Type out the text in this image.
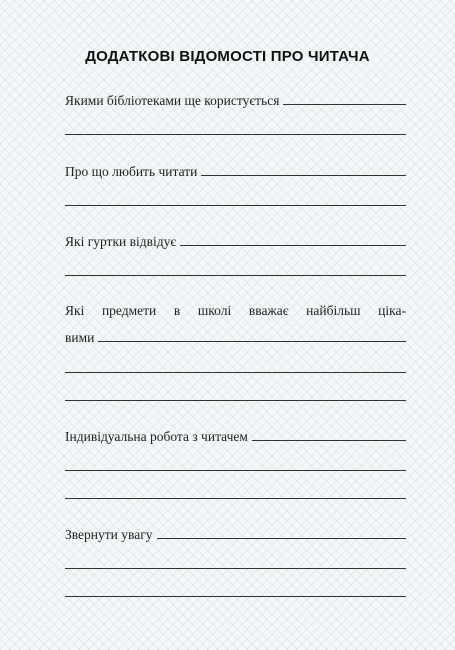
ДОДАТКОВІ ВІДОМОСТІ ПРО ЧИТАЧА
Якими бібліотеками ще користується
Про що любить читати
Які гуртки відвідує
Які предмети в школі вважає найбільш ціка-
вими
Індивідуальна робота з читачем
Звернути увагу
